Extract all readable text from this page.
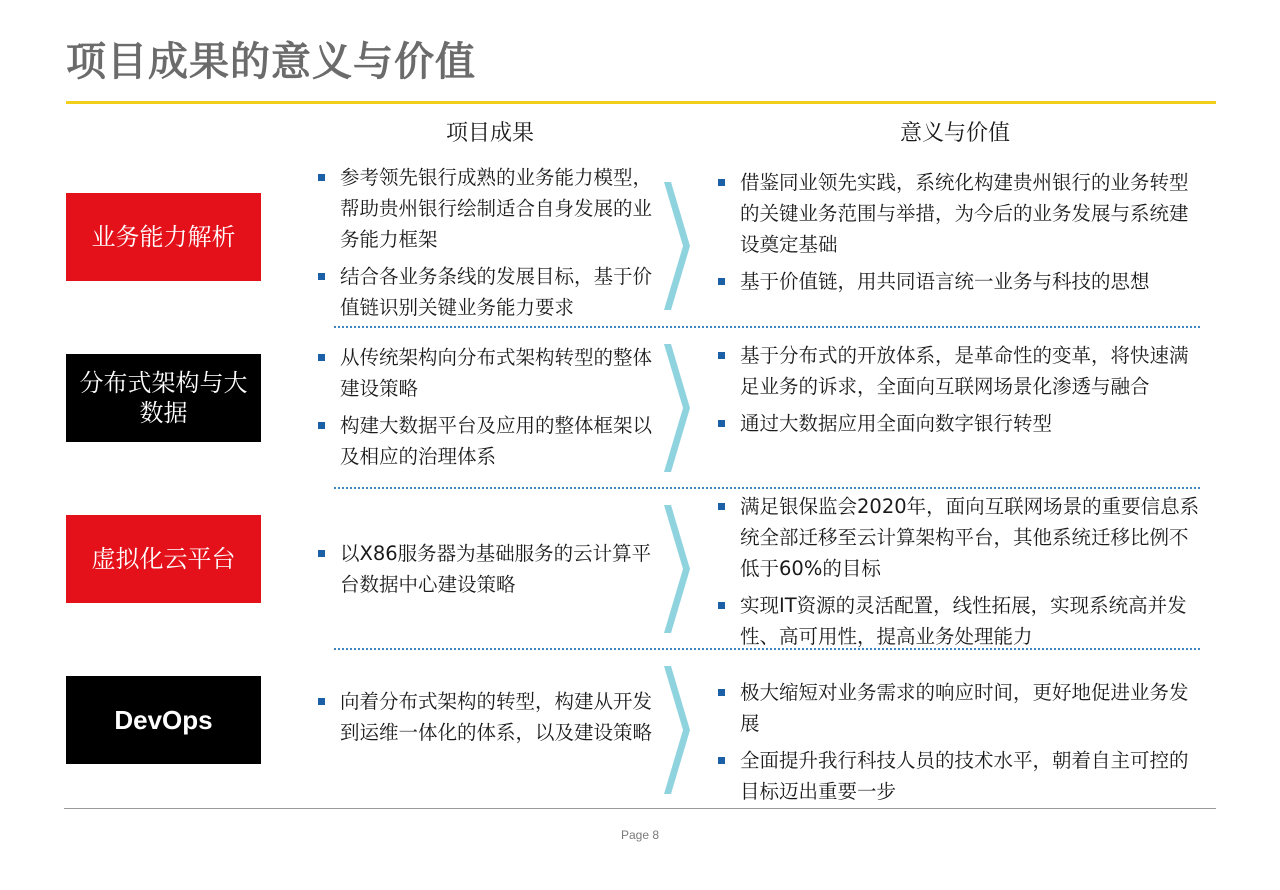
项目成果的意义与价值
项目成果	意义与价值
业务能力解析
参考领先银行成熟的业务能力模型，帮助贵州银行绘制适合自身发展的业务能力框架
结合各业务条线的发展目标，基于价值链识别关键业务能力要求
借鉴同业领先实践，系统化构建贵州银行的业务转型的关键业务范围与举措，为今后的业务发展与系统建设奠定基础
基于价值链，用共同语言统一业务与科技的思想
分布式架构与大数据
从传统架构向分布式架构转型的整体建设策略
构建大数据平台及应用的整体框架以及相应的治理体系
基于分布式的开放体系，是革命性的变革，将快速满足业务的诉求，全面向互联网场景化渗透与融合
通过大数据应用全面向数字银行转型
虚拟化云平台	以X86服务器为基础服务的云计算平台数据中心建设策略
满足银保监会2020年，面向互联网场景的重要信息系统全部迁移至云计算架构平台，其他系统迁移比例不低于60%的目标
实现IT资源的灵活配置，线性拓展，实现系统高并发性、高可用性，提高业务处理能力
DevOps
向着分布式架构的转型，构建从开发到运维一体化的体系，以及建设策略
极大缩短对业务需求的响应时间，更好地促进业务发展
全面提升我行科技人员的技术水平，朝着自主可控的目标迈出重要一步
Page 8
